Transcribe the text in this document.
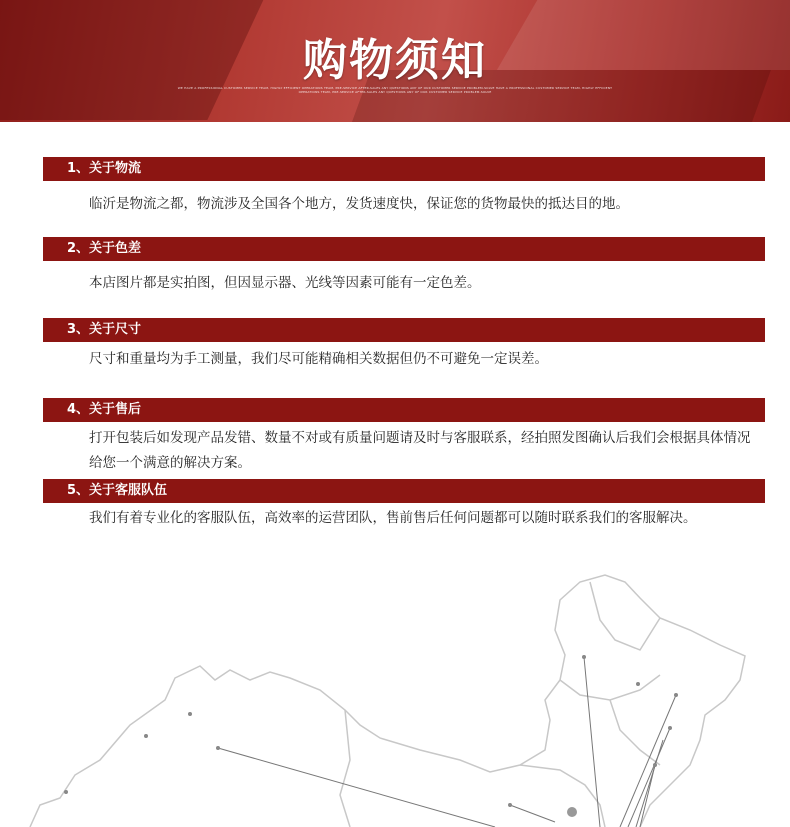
购物须知
WE HAVE A PROFESSIONAL CUSTOMER SERVICE TEAM, HIGHLY EFFICIENT OPERATIONS TEAM, PRE-SERVICE AFTER-SALES ANY QUESTIONS ANY OF OUR CUSTOMER SERVICE PROBLEM-SOLVE HAVE A PROFESSIONAL CUSTOMER SERVICE TEAM, HIGHLY EFFICIENT OPERATIONS TEAM, PRE-SERVICE AFTER-SALES ANY QUESTIONS ANY OF OUR CUSTOMER SERVICE PROBLEM-SOLVE
1、关于物流
临沂是物流之都，物流涉及全国各个地方，发货速度快，保证您的货物最快的抵达目的地。
2、关于色差
本店图片都是实拍图，但因显示器、光线等因素可能有一定色差。
3、关于尺寸
尺寸和重量均为手工测量，我们尽可能精确相关数据但仍不可避免一定误差。
4、关于售后
打开包装后如发现产品发错、数量不对或有质量问题请及时与客服联系，经拍照发图确认后我们会根据具体情况给您一个满意的解决方案。
5、关于客服队伍
我们有着专业化的客服队伍，高效率的运营团队，售前售后任何问题都可以随时联系我们的客服解决。
